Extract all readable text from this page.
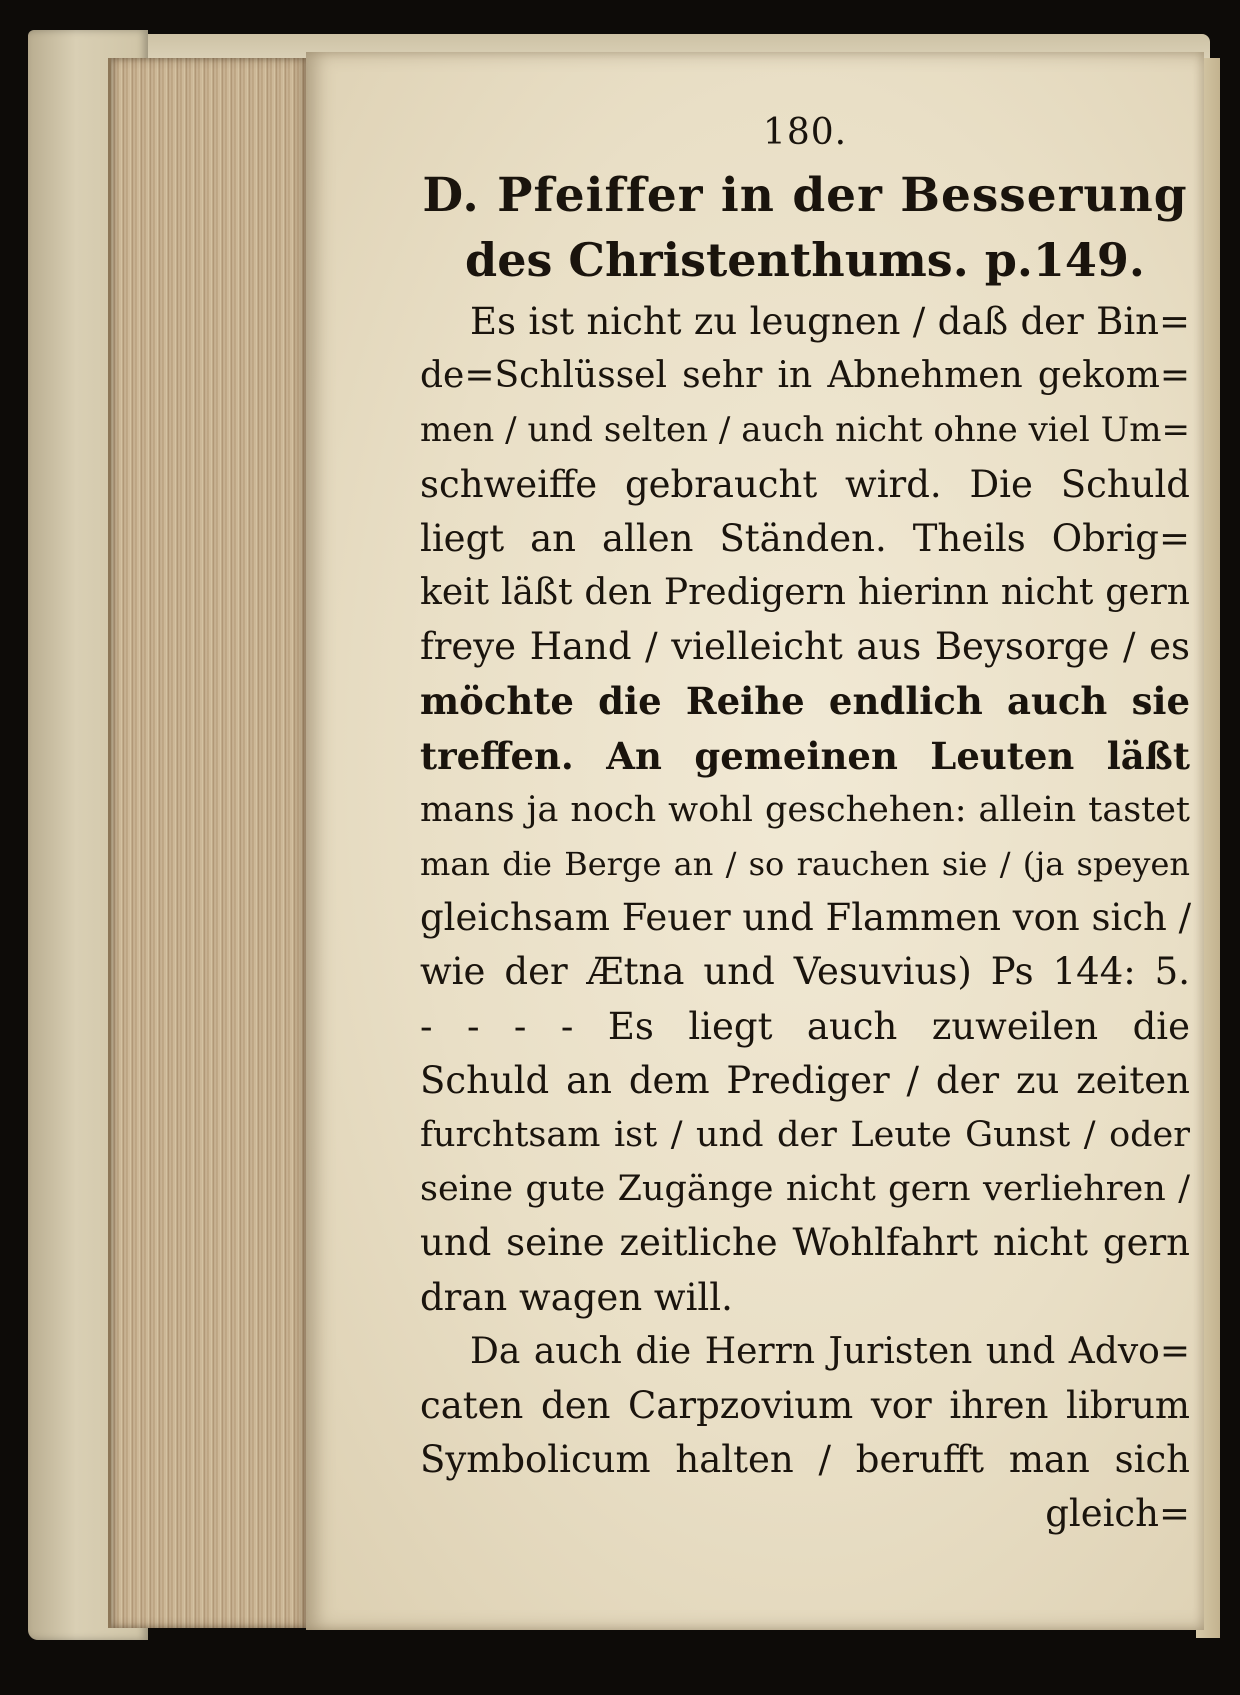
180.
D. Pfeiffer in der Besserung
des Christenthums. p.149.
Es ist nicht zu leugnen / daß der Bin=
de=Schlüssel sehr in Abnehmen gekom=
men / und selten / auch nicht ohne viel Um=
schweiffe gebraucht wird. Die Schuld
liegt an allen Ständen. Theils Obrig=
keit läßt den Predigern hierinn nicht gern
freye Hand / vielleicht aus Beysorge / es
möchte die Reihe endlich auch sie
treffen. An gemeinen Leuten läßt
mans ja noch wohl geschehen: allein tastet
man die Berge an / so rauchen sie / (ja speyen
gleichsam Feuer und Flammen von sich /
wie der Ætna und Vesuvius) Ps 144: 5.
- - - - Es liegt auch zuweilen die
Schuld an dem Prediger / der zu zeiten
furchtsam ist / und der Leute Gunst / oder
seine gute Zugänge nicht gern verliehren /
und seine zeitliche Wohlfahrt nicht gern
dran wagen will.
Da auch die Herrn Juristen und Advo=
caten den Carpzovium vor ihren librum
Symbolicum halten / berufft man sich
gleich=
